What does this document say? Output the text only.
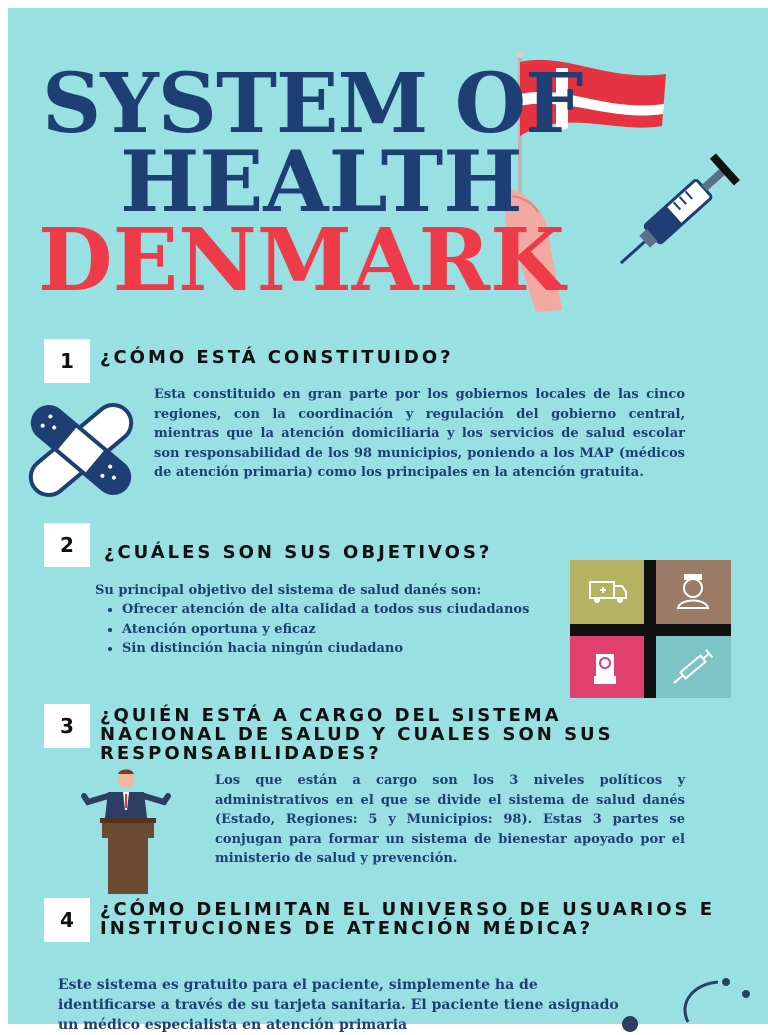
SYSTEM OF
HEALTH
DENMARK
1	¿CÓMO ESTÁ CONSTITUIDO?

Esta constituido en gran parte por los gobiernos locales de las cinco regiones, con la coordinación y regulación del gobierno central, mientras que la atención domiciliaria y los servicios de salud escolar son responsabilidad de los 98 municipios, poniendo a los MAP (médicos de atención primaria) como los principales en la atención gratuita.

2	¿CUÁLES SON SUS OBJETIVOS?

Su principal objetivo del sistema de salud danés son:

• Ofrecer atención de alta calidad a todos sus ciudadanos
• Atención oportuna y eficaz
• Sin distinción hacia ningún ciudadano
3	¿QUIÉN ESTÁ A CARGO DEL SISTEMA NACIONAL DE SALUD Y CUALES SON SUS RESPONSABILIDADES?

Los que están a cargo son los 3 niveles políticos y administrativos en el que se divide el sistema de salud danés (Estado, Regiones: 5 y Municipios: 98). Estas 3 partes se conjugan para formar un sistema de bienestar apoyado por el ministerio de salud y prevención.

4	¿CÓMO DELIMITAN EL UNIVERSO DE USUARIOS E INSTITUCIONES DE ATENCIÓN MÉDICA?

Este sistema es gratuito para el paciente, simplemente ha de identificarse a través de su tarjeta sanitaria. El paciente tiene asignado un médico especialista en atención primaria
